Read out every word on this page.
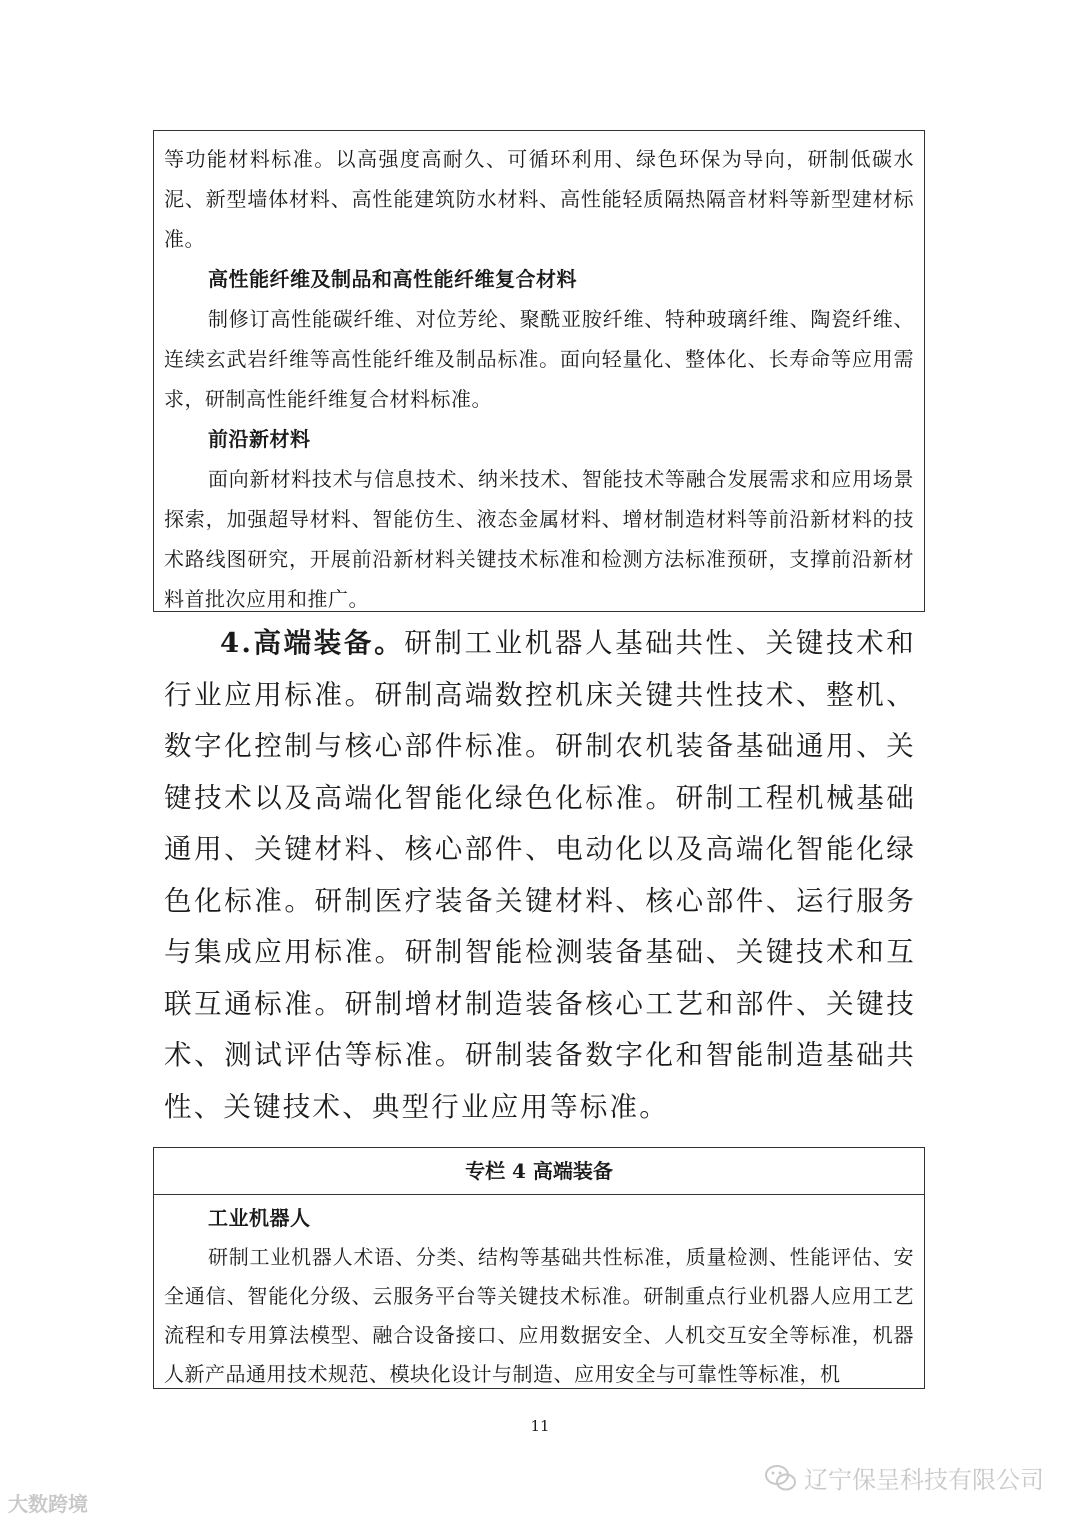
等功能材料标准。以高强度高耐久、可循环利用、绿色环保为导向，研制低碳水泥、新型墙体材料、高性能建筑防水材料、高性能轻质隔热隔音材料等新型建材标准。

高性能纤维及制品和高性能纤维复合材料

制修订高性能碳纤维、对位芳纶、聚酰亚胺纤维、特种玻璃纤维、陶瓷纤维、连续玄武岩纤维等高性能纤维及制品标准。面向轻量化、整体化、长寿命等应用需求，研制高性能纤维复合材料标准。

前沿新材料

面向新材料技术与信息技术、纳米技术、智能技术等融合发展需求和应用场景探索，加强超导材料、智能仿生、液态金属材料、增材制造材料等前沿新材料的技术路线图研究，开展前沿新材料关键技术标准和检测方法标准预研，支撑前沿新材料首批次应用和推广。

4.高端装备。研制工业机器人基础共性、关键技术和行业应用标准。研制高端数控机床关键共性技术、整机、数字化控制与核心部件标准。研制农机装备基础通用、关键技术以及高端化智能化绿色化标准。研制工程机械基础通用、关键材料、核心部件、电动化以及高端化智能化绿色化标准。研制医疗装备关键材料、核心部件、运行服务与集成应用标准。研制智能检测装备基础、关键技术和互联互通标准。研制增材制造装备核心工艺和部件、关键技术、测试评估等标准。研制装备数字化和智能制造基础共性、关键技术、典型行业应用等标准。
专栏 4 高端装备

工业机器人

研制工业机器人术语、分类、结构等基础共性标准，质量检测、性能评估、安全通信、智能化分级、云服务平台等关键技术标准。研制重点行业机器人应用工艺流程和专用算法模型、融合设备接口、应用数据安全、人机交互安全等标准，机器人新产品通用技术规范、模块化设计与制造、应用安全与可靠性等标准，机

11
大数跨境
辽宁保呈科技有限公司
